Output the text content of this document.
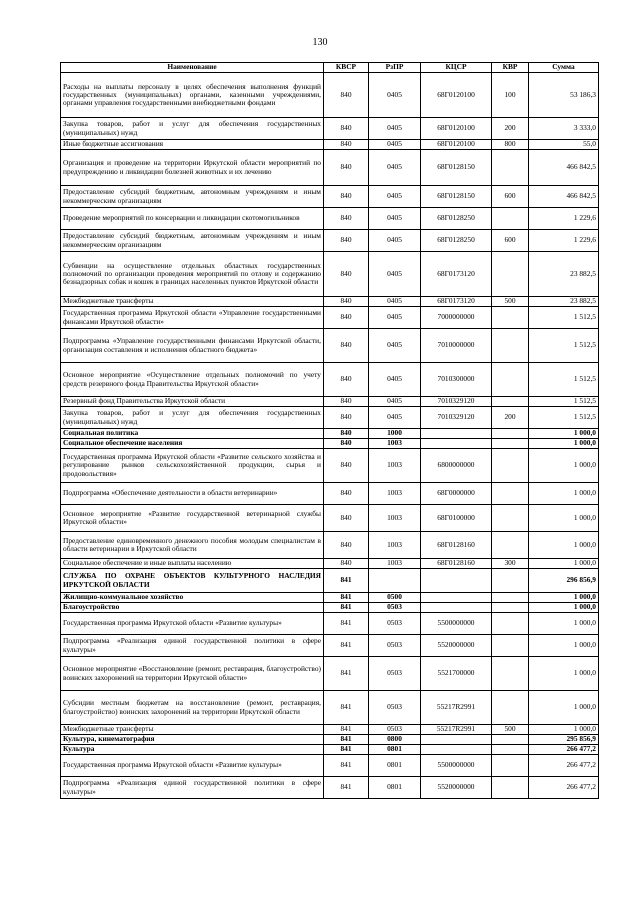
130
Наименование	КВСР	РзПР	КЦСР	КВР	Сумма
Расходы на выплаты персоналу в целях обеспечения выполнения функций государственных (муниципальных) органами, казенными учреждениями, органами управления государственными внебюджетными фондами	840	0405	68Г0120100	100	53 186,3
Закупка товаров, работ и услуг для обеспечения государственных (муниципальных) нужд	840	0405	68Г0120100	200	3 333,0
Иные бюджетные ассигнования	840	0405	68Г0120100	800	55,0
Организация и проведение на территории Иркутской области мероприятий по предупреждению и ликвидации болезней животных и их лечению	840	0405	68Г0128150		466 842,5
Предоставление субсидий бюджетным, автономным учреждениям и иным некоммерческим организациям	840	0405	68Г0128150	600	466 842,5
Проведение мероприятий по консервации и ликвидации скотомогильников	840	0405	68Г0128250		1 229,6
Предоставление субсидий бюджетным, автономным учреждениям и иным некоммерческим организациям	840	0405	68Г0128250	600	1 229,6
Субвенции на осуществление отдельных областных государственных полномочий по организации проведения мероприятий по отлову и содержанию безнадзорных собак и кошек в границах населенных пунктов Иркутской области	840	0405	68Г0173120		23 882,5
Межбюджетные трансферты	840	0405	68Г0173120	500	23 882,5
Государственная программа Иркутской области «Управление государственными финансами Иркутской области»	840	0405	7000000000		1 512,5
Подпрограмма «Управление государственными финансами Иркутской области, организация составления и исполнения областного бюджета»	840	0405	7010000000		1 512,5
Основное мероприятие «Осуществление отдельных полномочий по учету средств резервного фонда Правительства Иркутской области»	840	0405	7010300000		1 512,5
Резервный фонд Правительства Иркутской области	840	0405	7010329120		1 512,5
Закупка товаров, работ и услуг для обеспечения государственных (муниципальных) нужд	840	0405	7010329120	200	1 512,5
Социальная политика	840	1000			1 000,0
Социальное обеспечение населения	840	1003			1 000,0
Государственная программа Иркутской области «Развитие сельского хозяйства и регулирование рынков сельскохозяйственной продукции, сырья и продовольствия»	840	1003	6800000000		1 000,0
Подпрограмма «Обеспечение деятельности в области ветеринарии»	840	1003	68Г0000000		1 000,0
Основное мероприятие «Развитие государственной ветеринарной службы Иркутской области»	840	1003	68Г0100000		1 000,0
Предоставление единовременного денежного пособия молодым специалистам в области ветеринарии в Иркутской области	840	1003	68Г0128160		1 000,0
Социальное обеспечение и иные выплаты населению	840	1003	68Г0128160	300	1 000,0
СЛУЖБА ПО ОХРАНЕ ОБЪЕКТОВ КУЛЬТУРНОГО НАСЛЕДИЯ ИРКУТСКОЙ ОБЛАСТИ	841				296 856,9
Жилищно-коммунальное хозяйство	841	0500			1 000,0
Благоустройство	841	0503			1 000,0
Государственная программа Иркутской области «Развитие культуры»	841	0503	5500000000		1 000,0
Подпрограмма «Реализация единой государственной политики в сфере культуры»	841	0503	5520000000		1 000,0
Основное мероприятие «Восстановление (ремонт, реставрация, благоустройство) воинских захоронений на территории Иркутской области»	841	0503	5521700000		1 000,0
Субсидии местным бюджетам на восстановление (ремонт, реставрация, благоустройство) воинских захоронений на территории Иркутской области	841	0503	55217R2991		1 000,0
Межбюджетные трансферты	841	0503	55217R2991	500	1 000,0
Культура, кинематография	841	0800			295 856,9
Культура	841	0801			266 477,2
Государственная программа Иркутской области «Развитие культуры»	841	0801	5500000000		266 477,2
Подпрограмма «Реализация единой государственной политики в сфере культуры»	841	0801	5520000000		266 477,2
